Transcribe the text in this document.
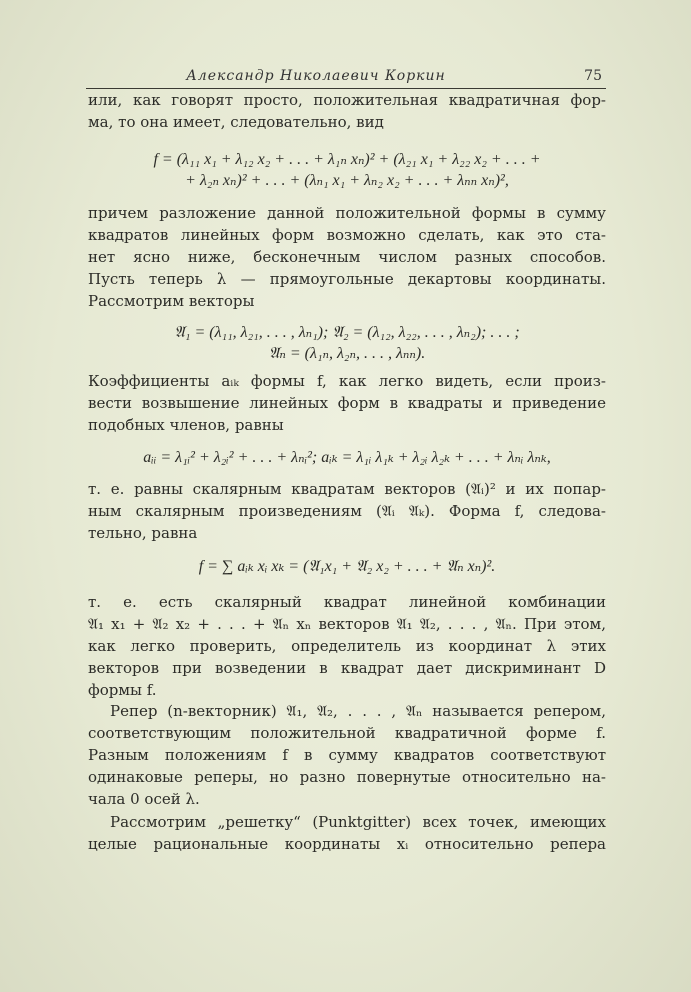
Александр Николаевич Коркин	75
или, как говорят просто, положительная квадратичная фор-
ма, то она имеет, следовательно, вид
f = (λ₁₁ x₁ + λ₁₂ x₂ + . . . + λ₁ₙ xₙ)² + (λ₂₁ x₁ + λ₂₂ x₂ + . . . +
+ λ₂ₙ xₙ)² + . . . + (λₙ₁ x₁ + λₙ₂ x₂ + . . . + λₙₙ xₙ)²,
причем разложение данной положительной формы в сумму
квадратов линейных форм возможно сделать, как это ста-
нет ясно ниже, бесконечным числом разных способов.
Пусть теперь λ — прямоугольные декартовы координаты.
Рассмотрим векторы
𝔄₁ = (λ₁₁, λ₂₁, . . . , λₙ₁); 𝔄₂ = (λ₁₂, λ₂₂, . . . , λₙ₂); . . . ;
𝔄ₙ = (λ₁ₙ, λ₂ₙ, . . . , λₙₙ).
Коэффициенты aᵢₖ формы f, как легко видеть, если произ-
вести возвышение линейных форм в квадраты и приведение
подобных членов, равны
aᵢᵢ = λ₁ᵢ² + λ₂ᵢ² + . . . + λₙᵢ²; aᵢₖ = λ₁ᵢ λ₁ₖ + λ₂ᵢ λ₂ₖ + . . . + λₙᵢ λₙₖ,
т. е. равны скалярным квадратам векторов (𝔄ᵢ)² и их попар-
ным скалярным произведениям (𝔄ᵢ 𝔄ₖ). Форма f, следова-
тельно, равна
f = ∑ aᵢₖ xᵢ xₖ = (𝔄₁x₁ + 𝔄₂ x₂ + . . . + 𝔄ₙ xₙ)².
т. е. есть скалярный квадрат линейной комбинации
𝔄₁ x₁ + 𝔄₂ x₂ + . . . + 𝔄ₙ xₙ векторов 𝔄₁ 𝔄₂, . . . , 𝔄ₙ. При этом,
как легко проверить, определитель из координат λ этих
векторов при возведении в квадрат дает дискриминант D
формы f.
Репер (n-векторник) 𝔄₁, 𝔄₂, . . . , 𝔄ₙ называется репером,
соответствующим положительной квадратичной форме f.
Разным положениям f в сумму квадратов соответствуют
одинаковые реперы, но разно повернутые относительно на-
чала 0 осей λ.
Рассмотрим „решетку“ (Punktgitter) всех точек, имеющих
целые рациональные координаты xᵢ относительно репера
